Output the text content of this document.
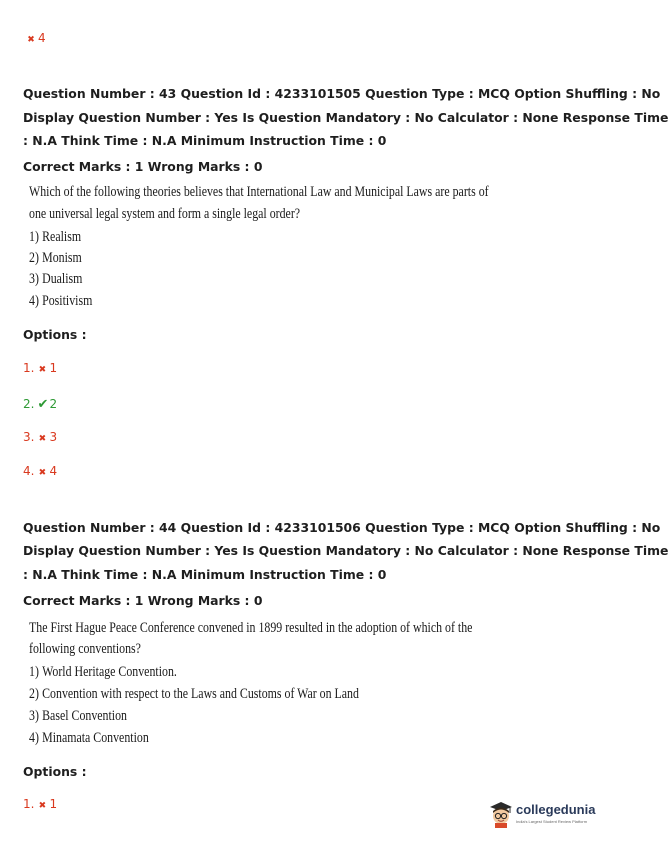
✖ 4
Question Number : 43 Question Id : 4233101505 Question Type : MCQ Option Shuffling : No
Display Question Number : Yes Is Question Mandatory : No Calculator : None Response Time
: N.A Think Time : N.A Minimum Instruction Time : 0
Correct Marks : 1 Wrong Marks : 0
Which of the following theories believes that International Law and Municipal Laws are parts of
one universal legal system and form a single legal order?
1) Realism
2) Monism
3) Dualism
4) Positivism
Options :
1. ✖ 1
2. ✔2
3. ✖ 3
4. ✖ 4
Question Number : 44 Question Id : 4233101506 Question Type : MCQ Option Shuffling : No
Display Question Number : Yes Is Question Mandatory : No Calculator : None Response Time
: N.A Think Time : N.A Minimum Instruction Time : 0
Correct Marks : 1 Wrong Marks : 0
The First Hague Peace Conference convened in 1899 resulted in the adoption of which of the
following conventions?
1) World Heritage Convention.
2) Convention with respect to the Laws and Customs of War on Land
3) Basel Convention
4) Minamata Convention
Options :
1. ✖ 1	collegedunia
India's Largest Student Review Platform
